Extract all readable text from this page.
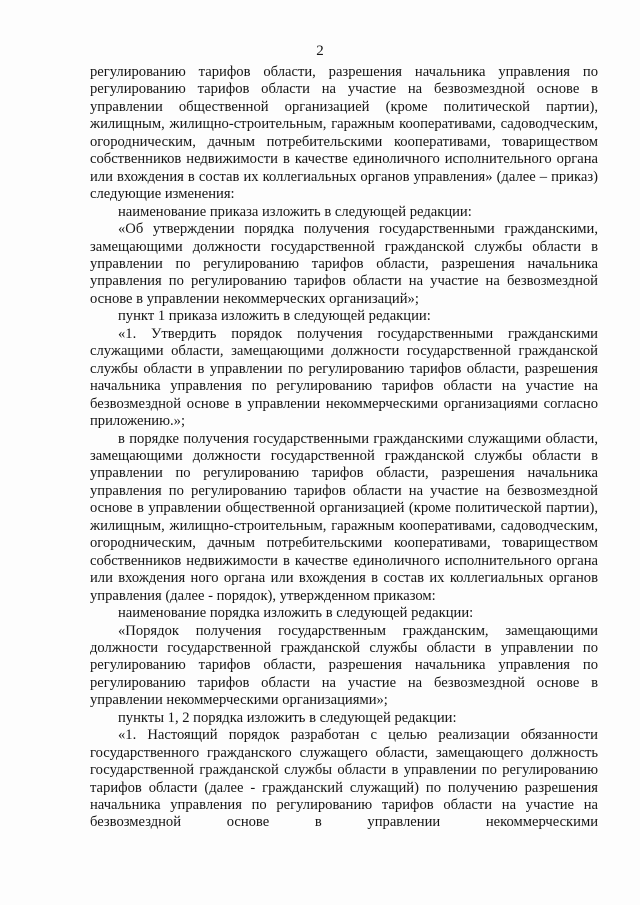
2

регулированию тарифов области, разрешения начальника управления по регулированию тарифов области на участие на безвозмездной основе в управлении общественной организацией (кроме политической партии), жилищным, жилищно-строительным, гаражным кооперативами, садоводческим, огородническим, дачным потребительскими кооперативами, товариществом собственников недвижимости в качестве единоличного исполнительного органа или вхождения в состав их коллегиальных органов управления» (далее – приказ) следующие изменения:

наименование приказа изложить в следующей редакции:

«Об утверждении порядка получения государственными гражданскими, замещающими должности государственной гражданской службы области в управлении по регулированию тарифов области, разрешения начальника управления по регулированию тарифов области на участие на безвозмездной основе в управлении некоммерческих организаций»;

пункт 1 приказа изложить в следующей редакции:

«1. Утвердить порядок получения государственными гражданскими служащими области, замещающими должности государственной гражданской службы области в управлении по регулированию тарифов области, разрешения начальника управления по регулированию тарифов области на участие на безвозмездной основе в управлении некоммерческими организациями согласно приложению.»;

в порядке получения государственными гражданскими служащими области, замещающими должности государственной гражданской службы области в управлении по регулированию тарифов области, разрешения начальника управления по регулированию тарифов области на участие на безвозмездной основе в управлении общественной организацией (кроме политической партии), жилищным, жилищно-строительным, гаражным кооперативами, садоводческим, огородническим, дачным потребительскими кооперативами, товариществом собственников недвижимости в качестве единоличного исполнительного органа или вхождения ного органа или вхождения в состав их коллегиальных органов управления (далее - порядок), утвержденном приказом:

наименование порядка изложить в следующей редакции:

«Порядок получения государственным гражданским, замещающими должности государственной гражданской службы области в управлении по регулированию тарифов области, разрешения начальника управления по регулированию тарифов области на участие на безвозмездной основе в управлении некоммерческими организациями»;

пункты 1, 2 порядка изложить в следующей редакции:

«1. Настоящий порядок разработан с целью реализации обязанности государственного гражданского служащего области, замещающего должность государственной гражданской службы области в управлении по регулированию тарифов области (далее - гражданский служащий) по получению разрешения начальника управления по регулированию тарифов области на участие на безвозмездной основе в управлении некоммерческими
